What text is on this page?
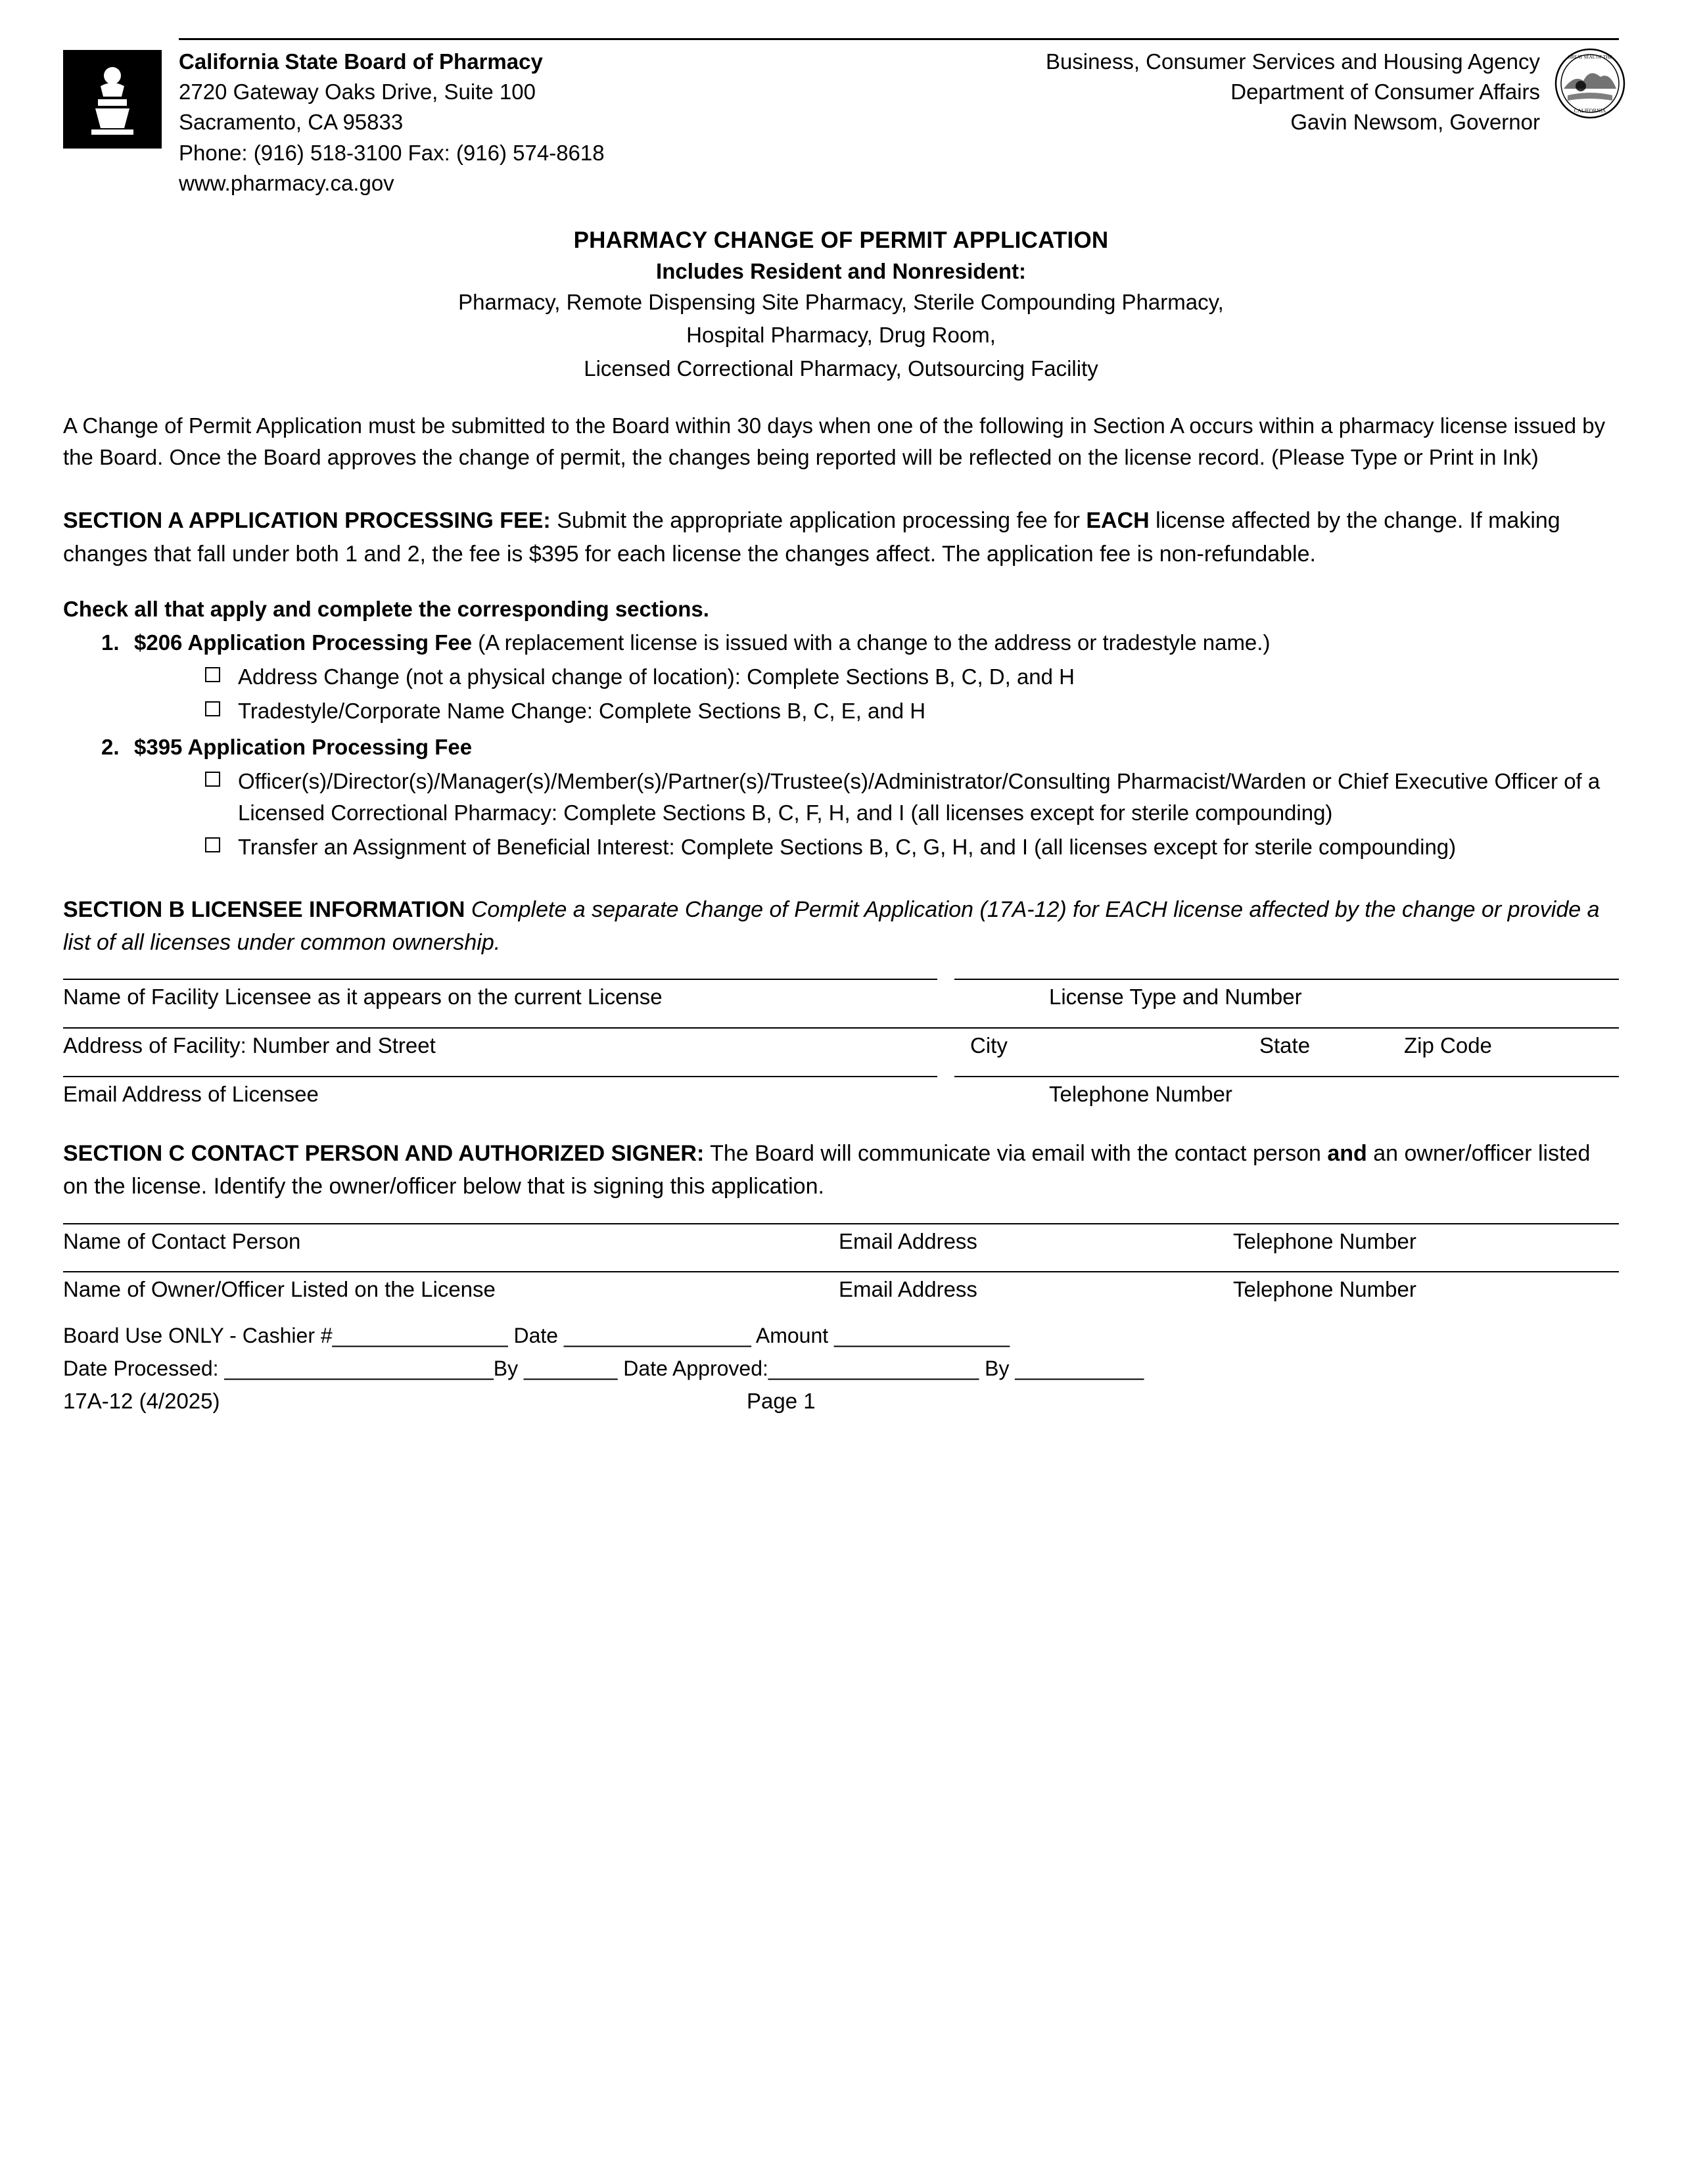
California State Board of Pharmacy
2720 Gateway Oaks Drive, Suite 100
Sacramento, CA 95833
Phone: (916) 518-3100 Fax: (916) 574-8618
www.pharmacy.ca.gov
Business, Consumer Services and Housing Agency
Department of Consumer Affairs
Gavin Newsom, Governor
GREAT SEAL OF THE
CALIFORNIA
PHARMACY CHANGE OF PERMIT APPLICATION
Includes Resident and Nonresident:
Pharmacy, Remote Dispensing Site Pharmacy, Sterile Compounding Pharmacy,
Hospital Pharmacy, Drug Room,
Licensed Correctional Pharmacy, Outsourcing Facility
A Change of Permit Application must be submitted to the Board within 30 days when one of the following in Section A occurs within a pharmacy license issued by the Board. Once the Board approves the change of permit, the changes being reported will be reflected on the license record. (Please Type or Print in Ink)
SECTION A APPLICATION PROCESSING FEE: Submit the appropriate application processing fee for EACH license affected by the change. If making changes that fall under both 1 and 2, the fee is $395 for each license the changes affect. The application fee is non-refundable.
Check all that apply and complete the corresponding sections.
1. $206 Application Processing Fee (A replacement license is issued with a change to the address or tradestyle name.)
Address Change (not a physical change of location): Complete Sections B, C, D, and H
Tradestyle/Corporate Name Change: Complete Sections B, C, E, and H
2. $395 Application Processing Fee
Officer(s)/Director(s)/Manager(s)/Member(s)/Partner(s)/Trustee(s)/Administrator/Consulting Pharmacist/Warden or Chief Executive Officer of a Licensed Correctional Pharmacy: Complete Sections B, C, F, H, and I (all licenses except for sterile compounding)
Transfer an Assignment of Beneficial Interest: Complete Sections B, C, G, H, and I (all licenses except for sterile compounding)
SECTION B LICENSEE INFORMATION Complete a separate Change of Permit Application (17A-12) for EACH license affected by the change or provide a list of all licenses under common ownership.
Name of Facility Licensee as it appears on the current License	License Type and Number
Address of Facility: Number and Street	City	State	Zip Code
Email Address of Licensee	Telephone Number
SECTION C CONTACT PERSON AND AUTHORIZED SIGNER: The Board will communicate via email with the contact person and an owner/officer listed on the license. Identify the owner/officer below that is signing this application.
Name of Contact Person	Email Address	Telephone Number
Name of Owner/Officer Listed on the License	Email Address	Telephone Number
Board Use ONLY - Cashier #_______________ Date ________________ Amount _______________
Date Processed: _______________________By ________ Date Approved:__________________ By ___________
17A-12 (4/2025)	Page 1
